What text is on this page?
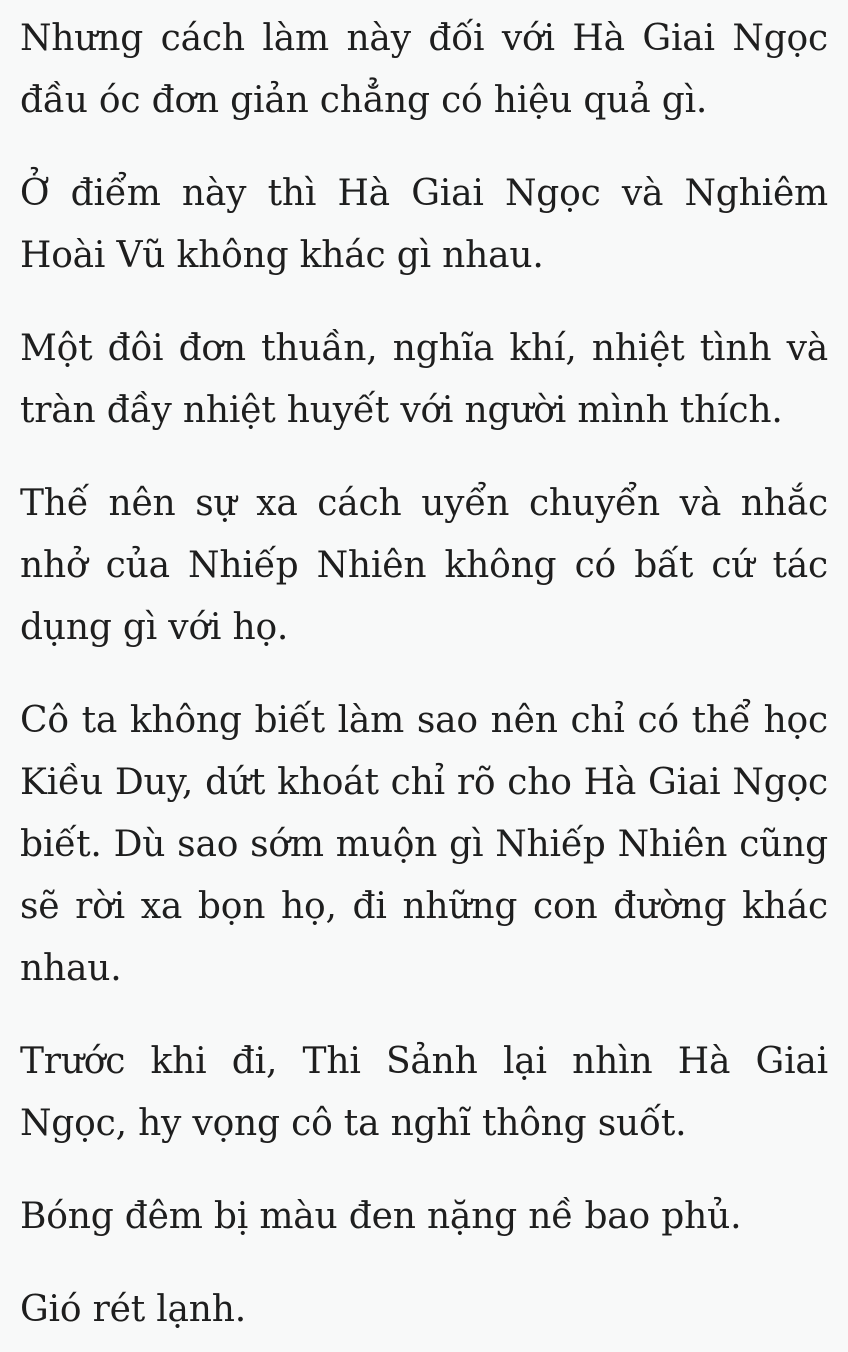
Nhưng cách làm này đối với Hà Giai Ngọc đầu óc đơn giản chẳng có hiệu quả gì.

Ở điểm này thì Hà Giai Ngọc và Nghiêm Hoài Vũ không khác gì nhau.

Một đôi đơn thuần, nghĩa khí, nhiệt tình và tràn đầy nhiệt huyết với người mình thích.

Thế nên sự xa cách uyển chuyển và nhắc nhở của Nhiếp Nhiên không có bất cứ tác dụng gì với họ.

Cô ta không biết làm sao nên chỉ có thể học Kiều Duy, dứt khoát chỉ rõ cho Hà Giai Ngọc biết. Dù sao sớm muộn gì Nhiếp Nhiên cũng sẽ rời xa bọn họ, đi những con đường khác nhau.

Trước khi đi, Thi Sảnh lại nhìn Hà Giai Ngọc, hy vọng cô ta nghĩ thông suốt.

Bóng đêm bị màu đen nặng nề bao phủ.

Gió rét lạnh.
